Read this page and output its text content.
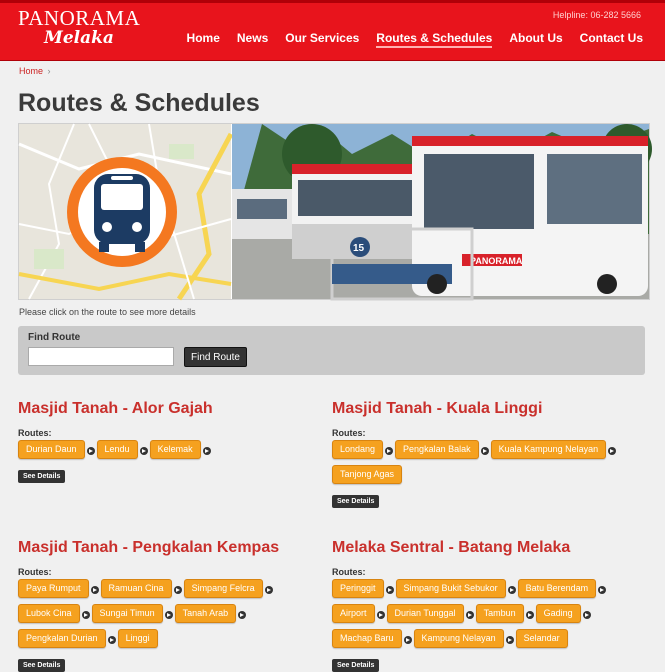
PANORAMA
Melaka
Helpline: 06-282 5666
Home News Our Services Routes & Schedules About Us Contact Us
Home ›
Routes & Schedules
PANORAMA
15
Please click on the route to see more details
Find Route
Find Route
Masjid Tanah - Alor Gajah
Routes:
Durian Daun	Lendu	Kelemak
See Details
Masjid Tanah - Kuala Linggi
Routes:
Londang	Pengkalan Balak	Kuala Kampung Nelayan
Tanjong Agas
See Details
Masjid Tanah - Pengkalan Kempas
Routes:
Paya Rumput	Ramuan Cina	Simpang Felcra
Lubok Cina	Sungai Timun	Tanah Arab
Pengkalan Durian	Linggi
See Details
Melaka Sentral - Batang Melaka
Routes:
Peringgit	Simpang Bukit Sebukor	Batu Berendam
Airport	Durian Tunggal	Tambun	Gading
Machap Baru	Kampung Nelayan	Selandar
See Details
